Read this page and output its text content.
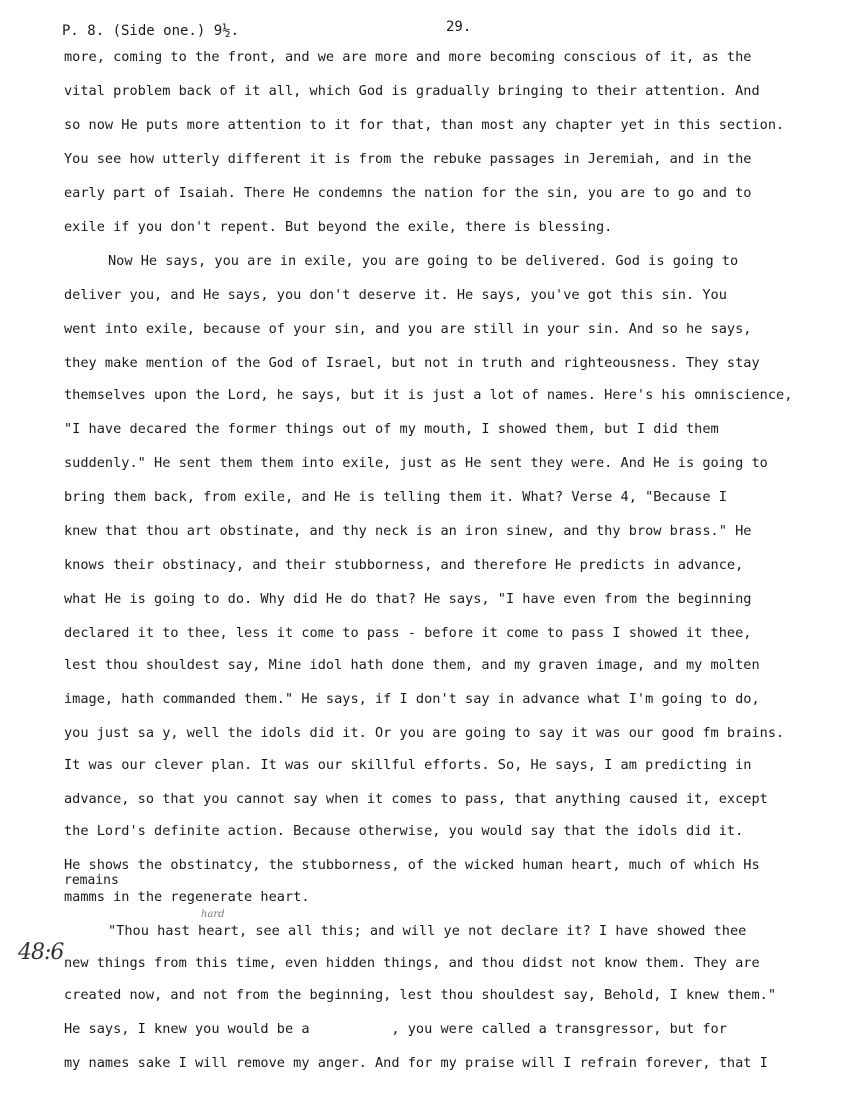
P. 8. (Side one.) 9½.	29.
hard
48:6
more, coming to the front, and we are more and more becoming conscious of it, as the
vital problem back of it all, which God is gradually bringing to their attention. And
so now He puts more attention to it for that, than most any chapter yet in this section.
You see how utterly different it is from the rebuke passages in Jeremiah, and in the
early part of Isaiah. There He condemns the nation for the sin, you are to go and to
exile if you don't repent. But beyond the exile, there is blessing.
Now He says, you are in exile, you are going to be delivered. God is going to
deliver you, and He says, you don't deserve it. He says, you've got this sin. You
went into exile, because of your sin, and you are still in your sin. And so he says,
they make mention of the God of Israel, but not in truth and righteousness. They stay
themselves upon the Lord, he says, but it is just a lot of names. Here's his omniscience,
"I have decared the former things out of my mouth, I showed them, but I did them
suddenly." He sent them them into exile, just as He sent they were. And He is going to
bring them back, from exile, and He is telling them it. What? Verse 4, "Because I
knew that thou art obstinate, and thy neck is an iron sinew, and thy brow brass." He
knows their obstinacy, and their stubborness, and therefore He predicts in advance,
what He is going to do. Why did He do that? He says, "I have even from the beginning
declared it to thee, less it come to pass - before it come to pass I showed it thee,
lest thou shouldest say, Mine idol hath done them, and my graven image, and my molten
image, hath commanded them." He says, if I don't say in advance what I'm going to do,
you just sa y, well the idols did it. Or you are going to say it was our good fm brains.
It was our clever plan. It was our skillful efforts. So, He says, I am predicting in
advance, so that you cannot say when it comes to pass, that anything caused it, except
the Lord's definite action. Because otherwise, you would say that the idols did it.
He shows the obstinatcy, the stubborness, of the wicked human heart, much of which Hs
remains
mamms in the regenerate heart.
"Thou hast heart, see all this; and will ye not declare it? I have showed thee
new things from this time, even hidden things, and thou didst not know them. They are
created now, and not from the beginning, lest thou shouldest say, Behold, I knew them."
He says, I knew you would be a          , you were called a transgressor, but for
my names sake I will remove my anger. And for my praise will I refrain forever, that I
